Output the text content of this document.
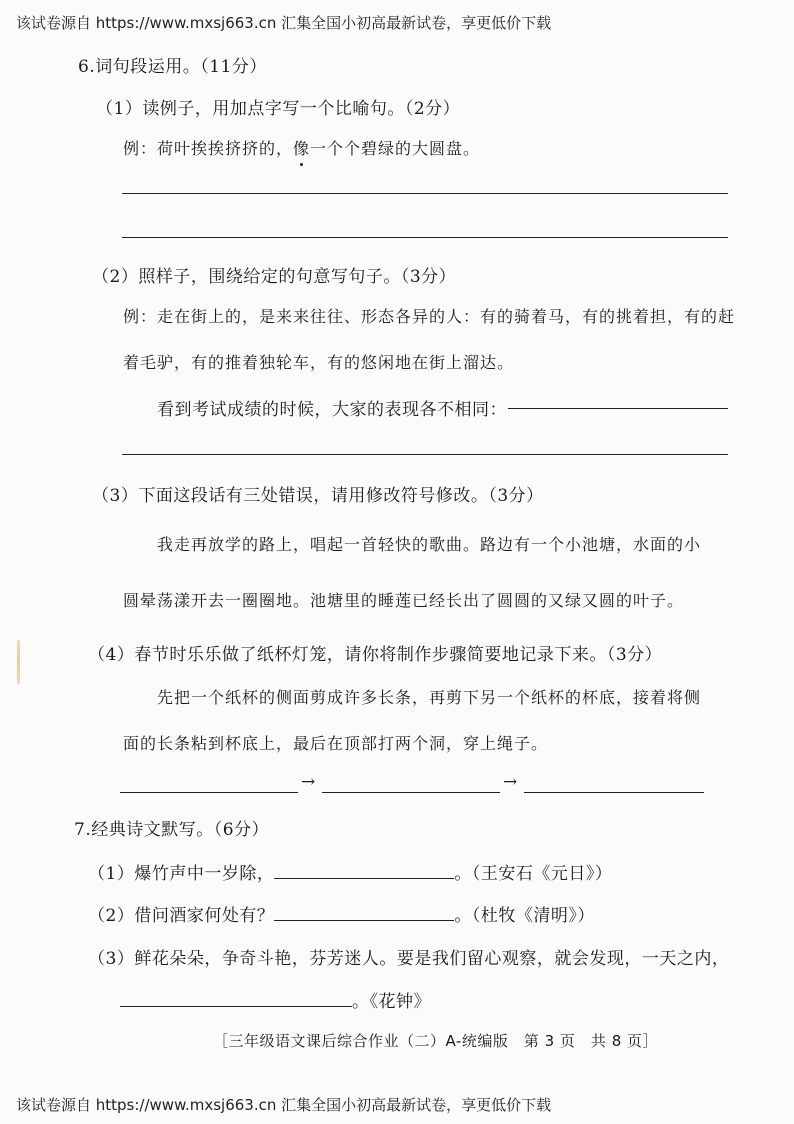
该试卷源自 https://www.mxsj663.cn 汇集全国小初高最新试卷，享更低价下载
6.词句段运用。（11分）
（1）读例子，用加点字写一个比喻句。（2分）
例：荷叶挨挨挤挤的，像一个个碧绿的大圆盘。
（2）照样子，围绕给定的句意写句子。（3分）
例：走在街上的，是来来往往、形态各异的人：有的骑着马，有的挑着担，有的赶
着毛驴，有的推着独轮车，有的悠闲地在街上溜达。
看到考试成绩的时候，大家的表现各不相同：
（3）下面这段话有三处错误，请用修改符号修改。（3分）
我走再放学的路上，唱起一首轻快的歌曲。路边有一个小池塘，水面的小
圆晕荡漾开去一圈圈地。池塘里的睡莲已经长出了圆圆的又绿又圆的叶子。
（4）春节时乐乐做了纸杯灯笼，请你将制作步骤简要地记录下来。（3分）
先把一个纸杯的侧面剪成许多长条，再剪下另一个纸杯的杯底，接着将侧
面的长条粘到杯底上，最后在顶部打两个洞，穿上绳子。
→	→
7.经典诗文默写。（6分）
（1）爆竹声中一岁除，	。（王安石《元日》）
（2）借问酒家何处有？	。（杜牧《清明》）
（3）鲜花朵朵，争奇斗艳，芬芳迷人。要是我们留心观察，就会发现，一天之内，
。《花钟》
［三年级语文课后综合作业（二）A-统编版　第 3 页　共 8 页］
该试卷源自 https://www.mxsj663.cn 汇集全国小初高最新试卷，享更低价下载
